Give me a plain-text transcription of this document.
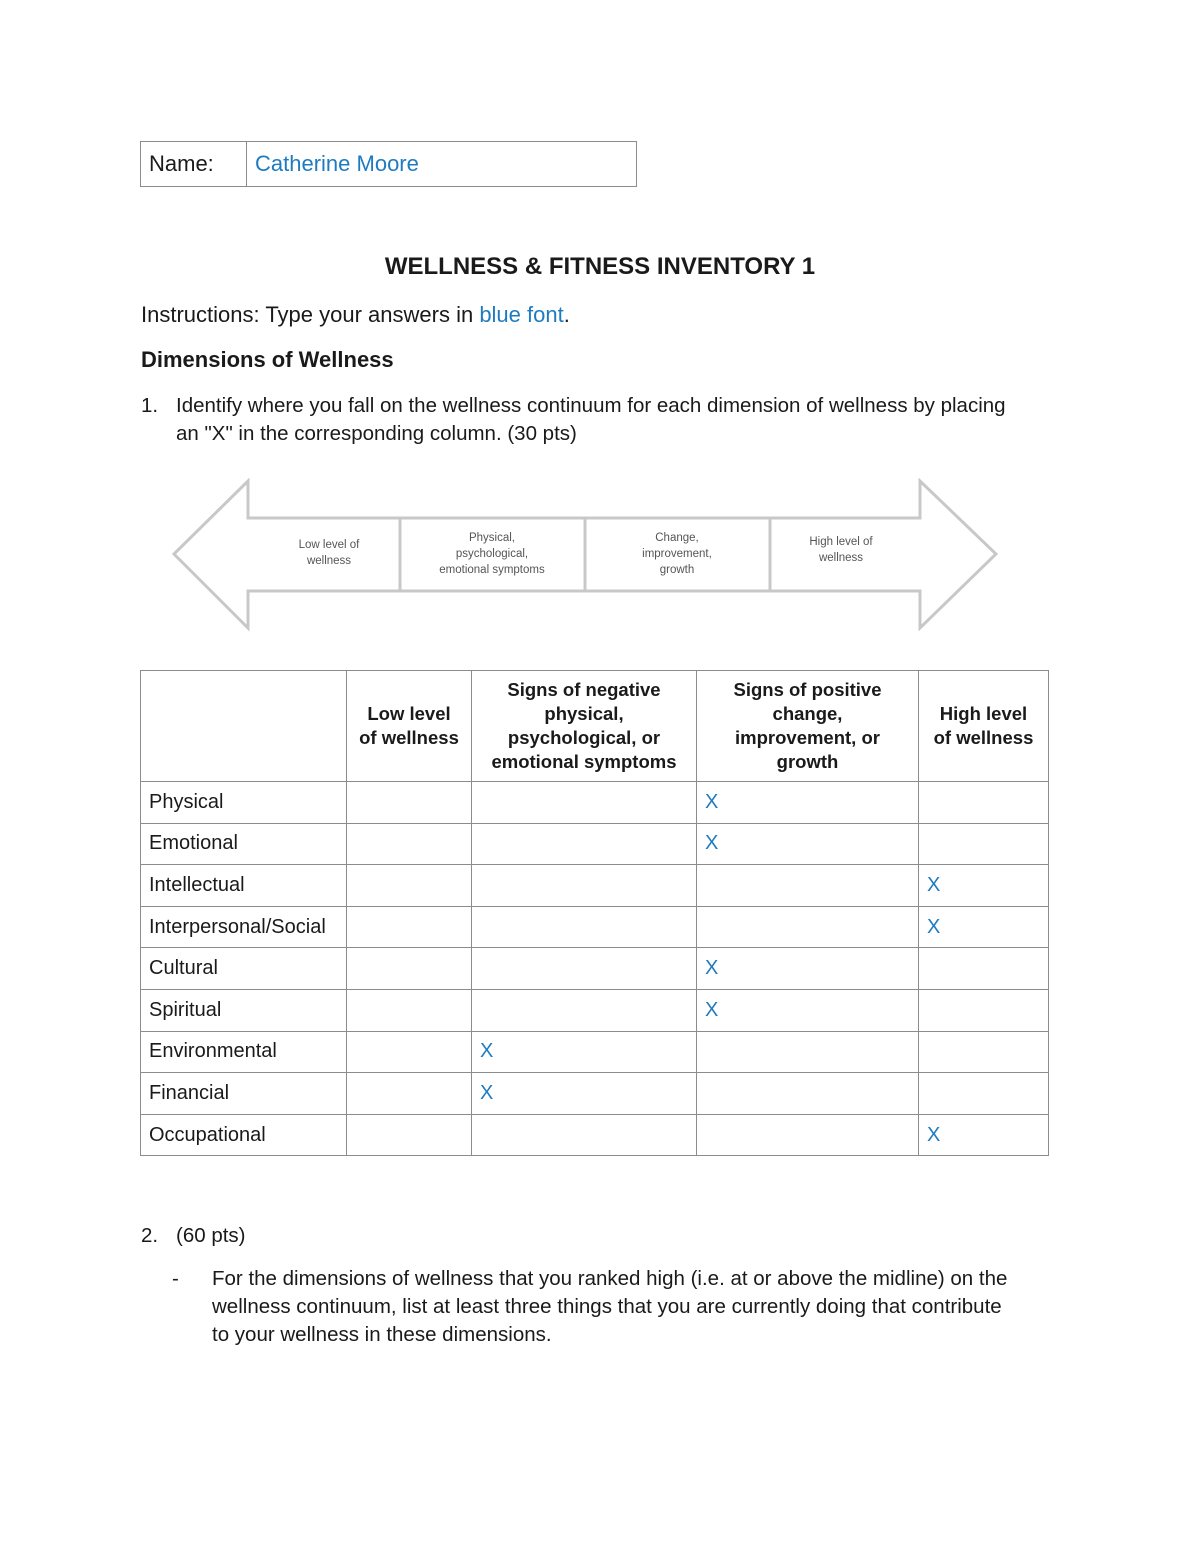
Name:	Catherine Moore
WELLNESS & FITNESS INVENTORY 1
Instructions: Type your answers in blue font.
Dimensions of Wellness
1. Identify where you fall on the wellness continuum for each dimension of wellness by placing
an "X" in the corresponding column. (30 pts)
Low level of
wellness
Physical,
psychological,
emotional symptoms
Change,
improvement,
growth
High level of
wellness
	Low level
of wellness	Signs of negative
physical,
psychological, or
emotional symptoms	Signs of positive
change,
improvement, or
growth	High level
of wellness
Physical			X	
Emotional			X	
Intellectual				X
Interpersonal/Social				X
Cultural			X	
Spiritual			X	
Environmental		X		
Financial		X		
Occupational				X
2. (60 pts)
- For the dimensions of wellness that you ranked high (i.e. at or above the midline) on the
wellness continuum, list at least three things that you are currently doing that contribute
to your wellness in these dimensions.
